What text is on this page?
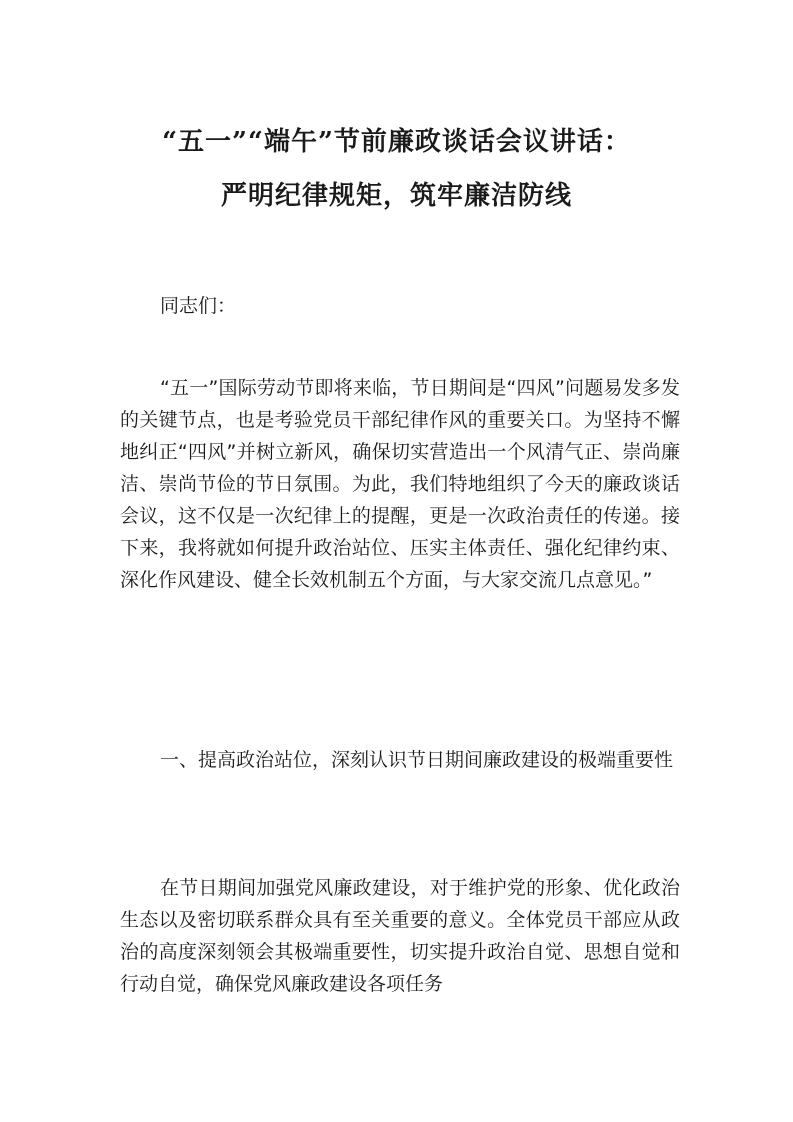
“五一”“端午”节前廉政谈话会议讲话：
严明纪律规矩，筑牢廉洁防线
同志们：
“五一”国际劳动节即将来临，节日期间是“四风”问题易发多发的关键节点，也是考验党员干部纪律作风的重要关口。为坚持不懈地纠正“四风”并树立新风，确保切实营造出一个风清气正、崇尚廉洁、崇尚节俭的节日氛围。为此，我们特地组织了今天的廉政谈话会议，这不仅是一次纪律上的提醒，更是一次政治责任的传递。接下来，我将就如何提升政治站位、压实主体责任、强化纪律约束、深化作风建设、健全长效机制五个方面，与大家交流几点意见。”
一、提高政治站位，深刻认识节日期间廉政建设的极端重要性
在节日期间加强党风廉政建设，对于维护党的形象、优化政治生态以及密切联系群众具有至关重要的意义。全体党员干部应从政治的高度深刻领会其极端重要性，切实提升政治自觉、思想自觉和行动自觉，确保党风廉政建设各项任务
